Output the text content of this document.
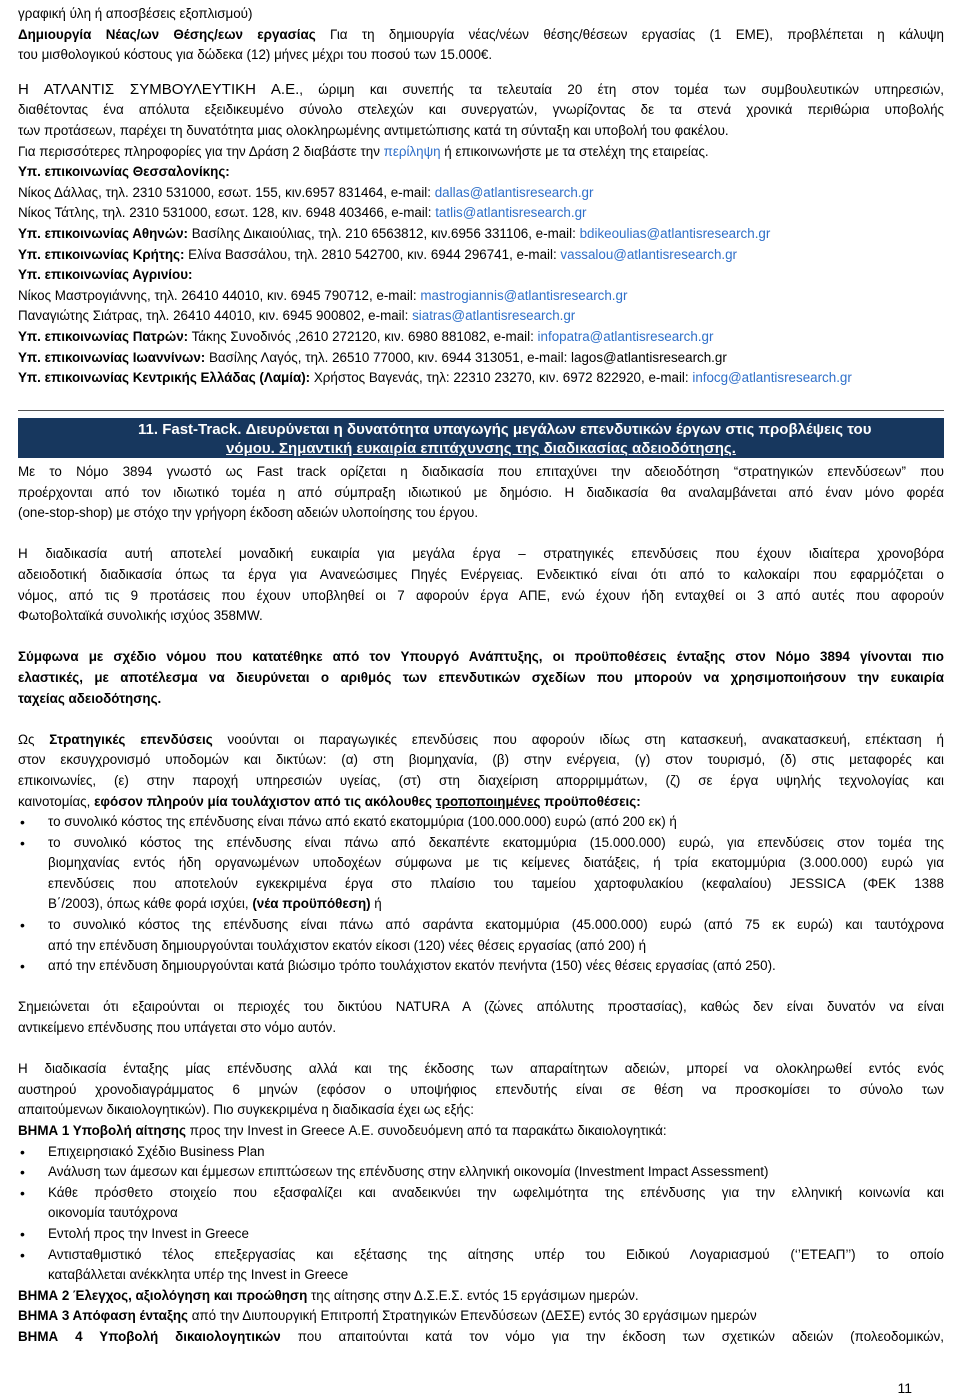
γραφική ύλη ή αποσβέσεις εξοπλισμού)

Δημιουργία Νέας/ων Θέσης/εων εργασίας Για τη δημιουργία νέας/νέων θέσης/θέσεων εργασίας (1 ΕΜΕ), προβλέπεται η κάλυψη

του μισθολογικού κόστους για δώδεκα (12) μήνες μέχρι του ποσού των 15.000€.

Η ΑΤΛΑΝΤΙΣ ΣΥΜΒΟΥΛΕΥΤΙΚΗ Α.Ε., ώριμη και συνεπής τα τελευταία 20 έτη στον τομέα των συμβουλευτικών υπηρεσιών,

διαθέτοντας ένα απόλυτα εξειδικευμένο σύνολο στελεχών και συνεργατών, γνωρίζοντας δε τα στενά χρονικά περιθώρια υποβολής

των προτάσεων, παρέχει τη δυνατότητα μιας ολοκληρωμένης αντιμετώπισης κατά τη σύνταξη και υποβολή του φακέλου.

Για περισσότερες πληροφορίες για την Δράση 2 διαβάστε την περίληψη ή επικοινωνήστε με τα στελέχη της εταιρείας.

Υπ. επικοινωνίας Θεσσαλονίκης:

Νίκος Δάλλας, τηλ. 2310 531000, εσωτ. 155, κιν.6957 831464, e-mail: dallas@atlantisresearch.gr

Νίκος Τάτλης, τηλ. 2310 531000, εσωτ. 128, κιν. 6948 403466, e-mail: tatlis@atlantisresearch.gr

Υπ. επικοινωνίας Αθηνών: Βασίλης Δικαιούλιας, τηλ. 210 6563812, κιν.6956 331106, e-mail: bdikeoulias@atlantisresearch.gr

Υπ. επικοινωνίας Κρήτης: Ελίνα Βασσάλου, τηλ. 2810 542700, κιν. 6944 296741, e-mail: vassalou@atlantisresearch.gr

Υπ. επικοινωνίας Αγρινίου:

Νίκος Μαστρογιάννης, τηλ. 26410 44010, κιν. 6945 790712, e-mail: mastrogiannis@atlantisresearch.gr

Παναγιώτης Σιάτρας, τηλ. 26410 44010, κιν. 6945 900802, e-mail: siatras@atlantisresearch.gr

Υπ. επικοινωνίας Πατρών: Τάκης Συνοδινός ,2610 272120, κιν. 6980 881082, e-mail: infopatra@atlantisresearch.gr

Υπ. επικοινωνίας Ιωαννίνων: Βασίλης Λαγός, τηλ. 26510 77000, κιν. 6944 313051, e-mail: lagos@atlantisresearch.gr

Υπ. επικοινωνίας Κεντρικής Ελλάδας (Λαμία): Χρήστος Βαγενάς, τηλ: 22310 23270, κιν. 6972 822920, e-mail: infocg@atlantisresearch.gr

11. Fast-Track. Διευρύνεται η δυνατότητα υπαγωγής μεγάλων επενδυτικών έργων στις προβλέψεις του
νόμου. Σημαντική ευκαιρία επιτάχυνσης της διαδικασίας αδειοδότησης.

Με το Νόμο 3894 γνωστό ως Fast track ορίζεται η διαδικασία που επιταχύνει την αδειοδότηση “στρατηγικών επενδύσεων” που

προέρχονται από τον ιδιωτικό τομέα η από σύμπραξη ιδιωτικού με δημόσιο. Η διαδικασία θα αναλαμβάνεται από έναν μόνο φορέα

(one-stop-shop) με στόχο την γρήγορη έκδοση αδειών υλοποίησης του έργου.

Η διαδικασία αυτή αποτελεί μοναδική ευκαιρία για μεγάλα έργα – στρατηγικές επενδύσεις που έχουν ιδιαίτερα χρονοβόρα

αδειοδοτική διαδικασία όπως τα έργα για Ανανεώσιμες Πηγές Ενέργειας. Ενδεικτικό είναι ότι από το καλοκαίρι που εφαρμόζεται ο

νόμος, από τις 9 προτάσεις που έχουν υποβληθεί οι 7 αφορούν έργα ΑΠΕ, ενώ έχουν ήδη ενταχθεί οι 3 από αυτές που αφορούν

Φωτοβολταϊκά συνολικής ισχύος 358MW.

Σύμφωνα με σχέδιο νόμου που κατατέθηκε από τον Υπουργό Ανάπτυξης, οι προϋποθέσεις ένταξης στον Νόμο 3894 γίνονται πιο

ελαστικές, με αποτέλεσμα να διευρύνεται ο αριθμός των επενδυτικών σχεδίων που μπορούν να χρησιμοποιήσουν την ευκαιρία

ταχείας αδειοδότησης.

Ως Στρατηγικές επενδύσεις νοούνται οι παραγωγικές επενδύσεις που αφορούν ιδίως στη κατασκευή, ανακατασκευή, επέκταση ή

στον εκσυγχρονισμό υποδομών και δικτύων: (α) στη βιομηχανία, (β) στην ενέργεια, (γ) στον τουρισμό, (δ) στις μεταφορές και

επικοινωνίες, (ε) στην παροχή υπηρεσιών υγείας, (στ) στη διαχείριση απορριμμάτων, (ζ) σε έργα υψηλής τεχνολογίας και

καινοτομίας, εφόσον πληρούν μία τουλάχιστον από τις ακόλουθες τροποποιημένες προϋποθέσεις:

• το συνολικό κόστος της επένδυσης είναι πάνω από εκατό εκατομμύρια (100.000.000) ευρώ (από 200 εκ) ή

• το συνολικό κόστος της επένδυσης είναι πάνω από δεκαπέντε εκατομμύρια (15.000.000) ευρώ, για επενδύσεις στον τομέα της

βιομηχανίας εντός ήδη οργανωμένων υποδοχέων σύμφωνα με τις κείμενες διατάξεις, ή τρία εκατομμύρια (3.000.000) ευρώ για

επενδύσεις που αποτελούν εγκεκριμένα έργα στο πλαίσιο του ταμείου χαρτοφυλακίου (κεφαλαίου) JESSICA (ΦΕΚ 1388

Β΄/2003), όπως κάθε φορά ισχύει, (νέα προϋπόθεση) ή

• το συνολικό κόστος της επένδυσης είναι πάνω από σαράντα εκατομμύρια (45.000.000) ευρώ (από 75 εκ ευρώ) και ταυτόχρονα

από την επένδυση δημιουργούνται τουλάχιστον εκατόν είκοσι (120) νέες θέσεις εργασίας (από 200) ή

• από την επένδυση δημιουργούνται κατά βιώσιμο τρόπο τουλάχιστον εκατόν πενήντα (150) νέες θέσεις εργασίας (από 250).

Σημειώνεται ότι εξαιρούνται οι περιοχές του δικτύου NATURA A (ζώνες απόλυτης προστασίας), καθώς δεν είναι δυνατόν να είναι

αντικείμενο επένδυσης που υπάγεται στο νόμο αυτόν.

Η διαδικασία ένταξης μίας επένδυσης αλλά και της έκδοσης των απαραίτητων αδειών, μπορεί να ολοκληρωθεί εντός ενός

αυστηρού χρονοδιαγράμματος 6 μηνών (εφόσον ο υποψήφιος επενδυτής είναι σε θέση να προσκομίσει το σύνολο των

απαιτούμενων δικαιολογητικών). Πιο συγκεκριμένα η διαδικασία έχει ως εξής:

ΒΗΜΑ 1 Υποβολή αίτησης προς την Invest in Greece Α.Ε. συνοδευόμενη από τα παρακάτω δικαιολογητικά:

• Επιχειρησιακό Σχέδιο Business Plan

• Ανάλυση των άμεσων και έμμεσων επιπτώσεων της επένδυσης στην ελληνική οικονομία (Investment Impact Assessment)

• Κάθε πρόσθετο στοιχείο που εξασφαλίζει και αναδεικνύει την ωφελιμότητα της επένδυσης για την ελληνική κοινωνία και

οικονομία ταυτόχρονα

• Εντολή προς την Invest in Greece

• Αντισταθμιστικό τέλος επεξεργασίας και εξέτασης της αίτησης υπέρ του Ειδικού Λογαριασμού (‘’ΕΤΕΑΠ’’) το οποίο

καταβάλλεται ανέκκλητα υπέρ της Invest in Greece

ΒΗΜΑ 2 Έλεγχος, αξιολόγηση και προώθηση της αίτησης στην Δ.Σ.Ε.Σ. εντός 15 εργάσιμων ημερών.

ΒΗΜΑ 3 Απόφαση ένταξης από την Διυπουργική Επιτροπή Στρατηγικών Επενδύσεων (ΔΕΣΕ) εντός 30 εργάσιμων ημερών

ΒΗΜΑ 4 Υποβολή δικαιολογητικών που απαιτούνται κατά τον νόμο για την έκδοση των σχετικών αδειών (πολεοδομικών,

11
